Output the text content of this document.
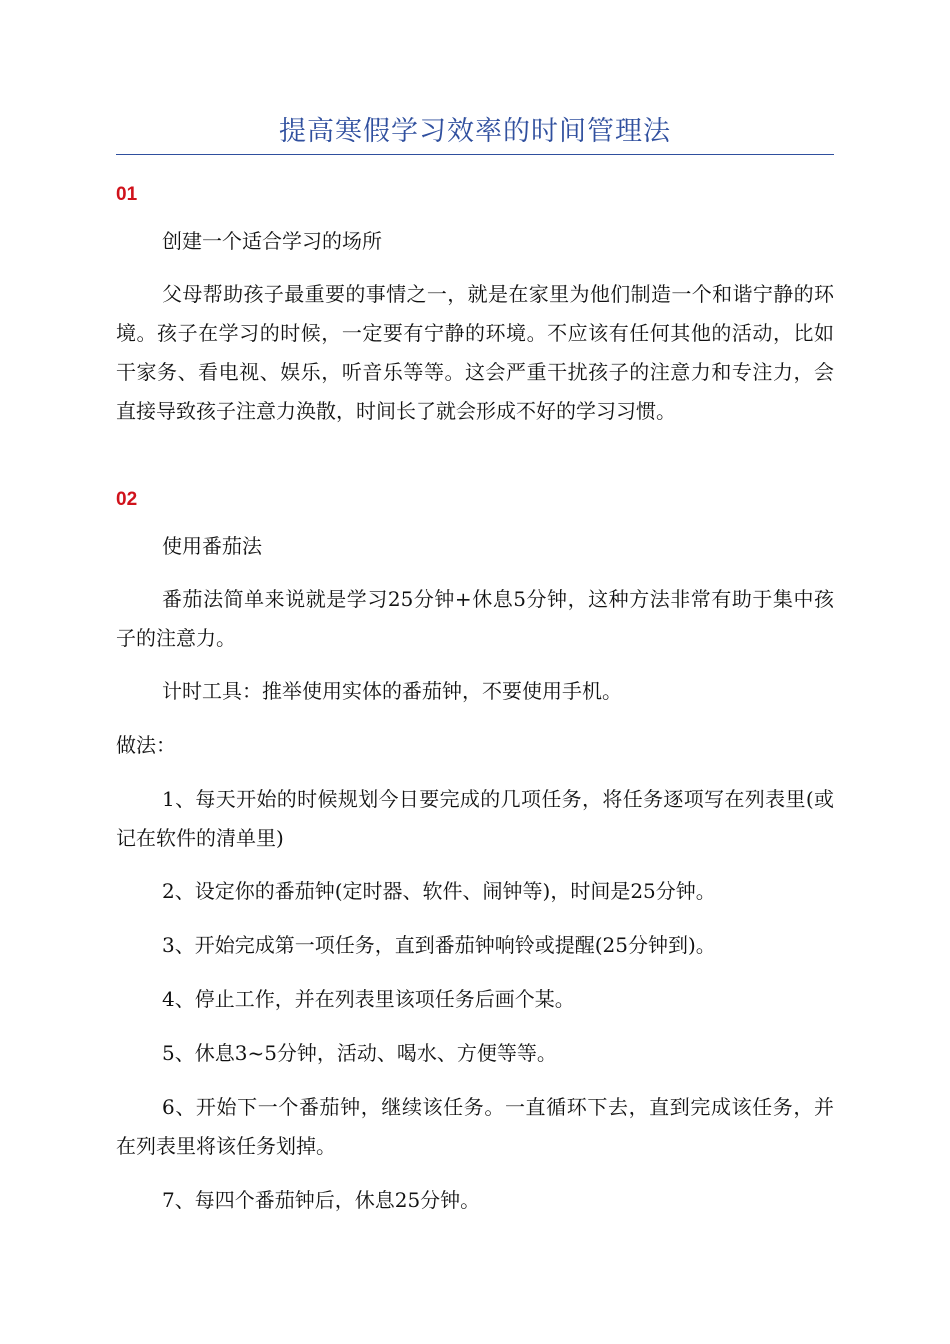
提高寒假学习效率的时间管理法
01

创建一个适合学习的场所

父母帮助孩子最重要的事情之一，就是在家里为他们制造一个和谐宁静的环境。孩子在学习的时候，一定要有宁静的环境。不应该有任何其他的活动，比如干家务、看电视、娱乐，听音乐等等。这会严重干扰孩子的注意力和专注力，会直接导致孩子注意力涣散，时间长了就会形成不好的学习习惯。

02

使用番茄法

番茄法简单来说就是学习25分钟+休息5分钟，这种方法非常有助于集中孩子的注意力。

计时工具：推举使用实体的番茄钟，不要使用手机。

做法：

1、每天开始的时候规划今日要完成的几项任务，将任务逐项写在列表里(或记在软件的清单里)

2、设定你的番茄钟(定时器、软件、闹钟等)，时间是25分钟。

3、开始完成第一项任务，直到番茄钟响铃或提醒(25分钟到)。

4、停止工作，并在列表里该项任务后画个某。

5、休息3~5分钟，活动、喝水、方便等等。

6、开始下一个番茄钟，继续该任务。一直循环下去，直到完成该任务，并在列表里将该任务划掉。

7、每四个番茄钟后，休息25分钟。
